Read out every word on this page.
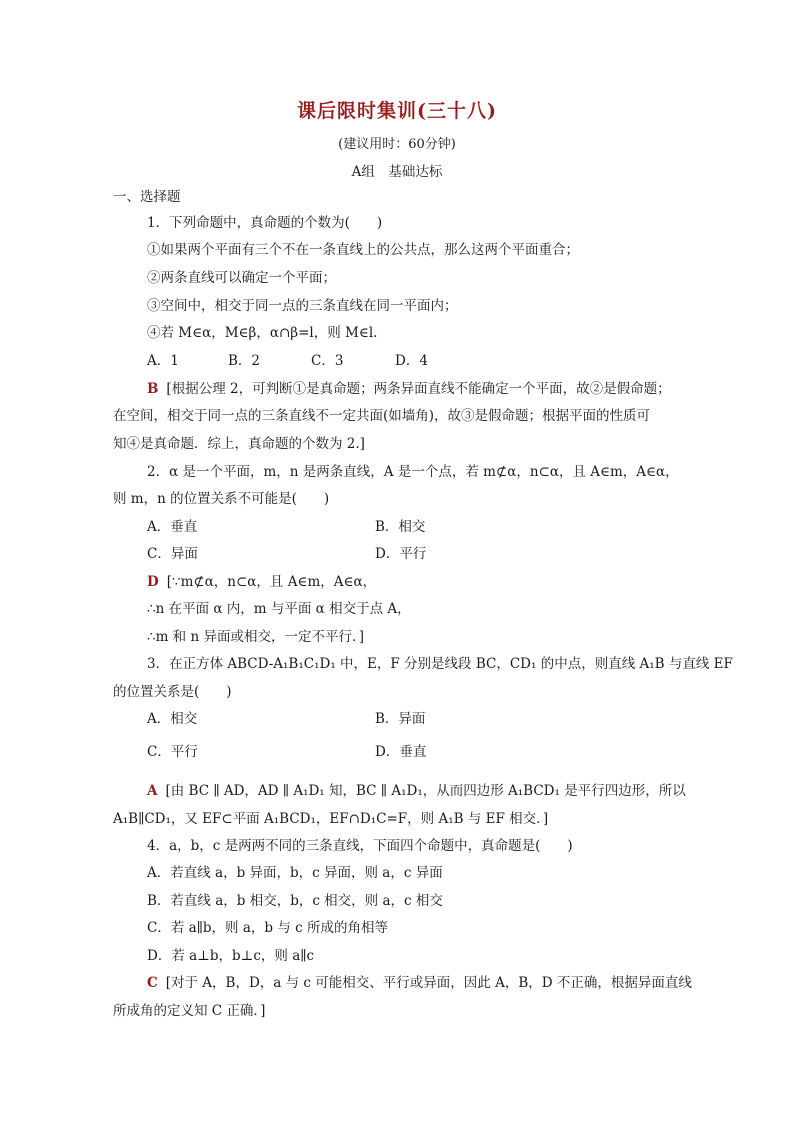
课后限时集训(三十八)
(建议用时：60分钟)
A组　基础达标
一、选择题
1．下列命题中，真命题的个数为(　　)
①如果两个平面有三个不在一条直线上的公共点，那么这两个平面重合；
②两条直线可以确定一个平面；
③空间中，相交于同一点的三条直线在同一平面内；
④若 M∈α，M∈β，α∩β=l，则 M∈l.
A．1	B．2	C．3	D．4
B [根据公理 2，可判断①是真命题；两条异面直线不能确定一个平面，故②是假命题；
在空间，相交于同一点的三条直线不一定共面(如墙角)，故③是假命题；根据平面的性质可
知④是真命题．综上，真命题的个数为 2.]
2．α 是一个平面，m，n 是两条直线，A 是一个点，若 m⊄α，n⊂α，且 A∈m，A∈α，
则 m，n 的位置关系不可能是(　　)
A．垂直	B．相交
C．异面	D．平行
D [∵m⊄α，n⊂α，且 A∈m，A∈α，
∴n 在平面 α 内，m 与平面 α 相交于点 A，
∴m 和 n 异面或相交，一定不平行．]
3．在正方体 ABCD-A₁B₁C₁D₁ 中，E，F 分别是线段 BC，CD₁ 的中点，则直线 A₁B 与直线 EF
的位置关系是(　　)
A．相交	B．异面
C．平行	D．垂直
A [由 BC ∥ AD，AD ∥ A₁D₁ 知，BC ∥ A₁D₁，从而四边形 A₁BCD₁ 是平行四边形，所以
A₁B∥CD₁，又 EF⊂平面 A₁BCD₁，EF∩D₁C=F，则 A₁B 与 EF 相交．]
4．a，b，c 是两两不同的三条直线，下面四个命题中，真命题是(　　)
A．若直线 a，b 异面，b，c 异面，则 a，c 异面
B．若直线 a，b 相交，b，c 相交，则 a，c 相交
C．若 a∥b，则 a，b 与 c 所成的角相等
D．若 a⊥b，b⊥c，则 a∥c
C [对于 A，B，D，a 与 c 可能相交、平行或异面，因此 A，B，D 不正确，根据异面直线
所成角的定义知 C 正确．]
